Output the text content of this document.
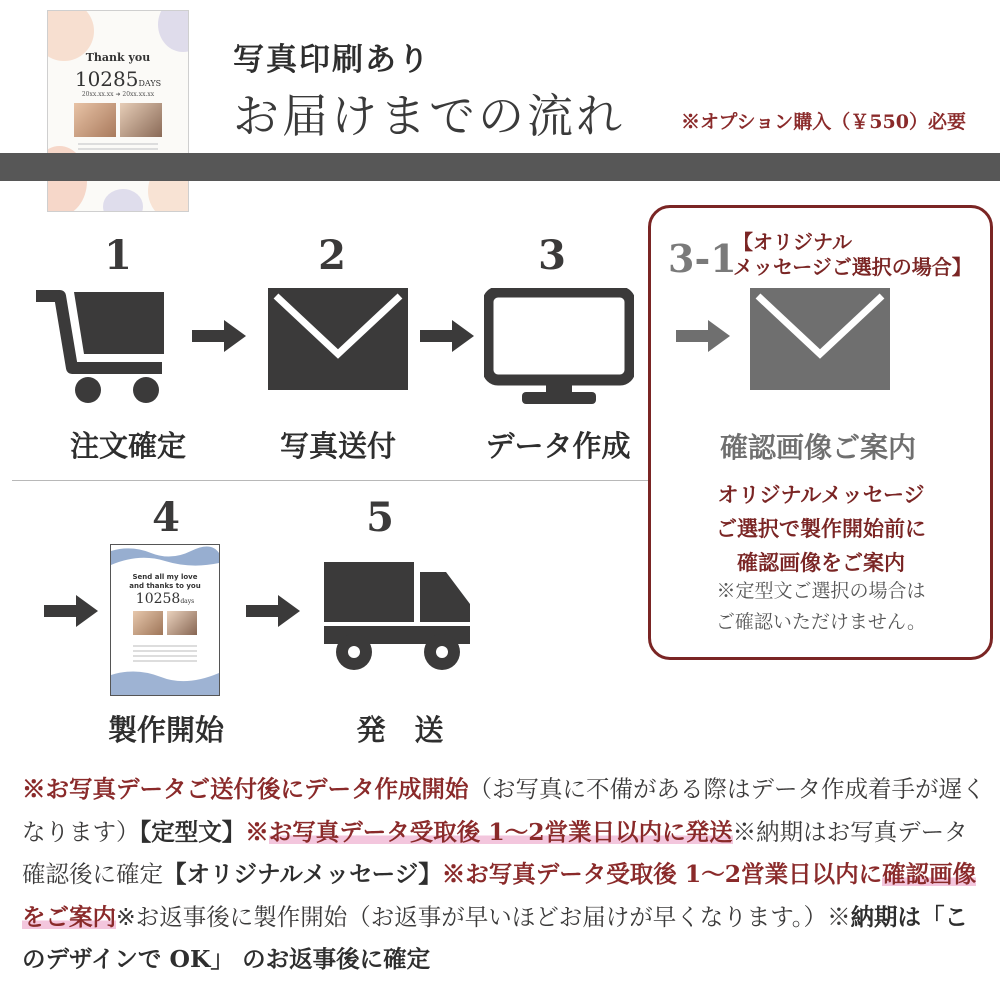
Thank you
10285DAYS
20xx.xx.xx ➜ 20xx.xx.xx
写真印刷あり
お届けまでの流れ	※オプション購入（￥550）必要
1
注文確定
2
写真送付
3
データ作成
3-1
【オリジナル
メッセージご選択の場合】
確認画像ご案内
オリジナルメッセージ
ご選択で製作開始前に
確認画像をご案内
※定型文ご選択の場合は
ご確認いただけません。
4
Send all my love
and thanks to you
10258days
製作開始
5
発　送
※お写真データご送付後にデータ作成開始（お写真に不備がある際はデータ作成着手が遅くなります）【定型文】※お写真データ受取後 1～2営業日以内に発送※納期はお写真データ確認後に確定【オリジナルメッセージ】※お写真データ受取後 1～2営業日以内に確認画像をご案内※お返事後に製作開始（お返事が早いほどお届けが早くなります。）※納期は「このデザインで OK」 のお返事後に確定
